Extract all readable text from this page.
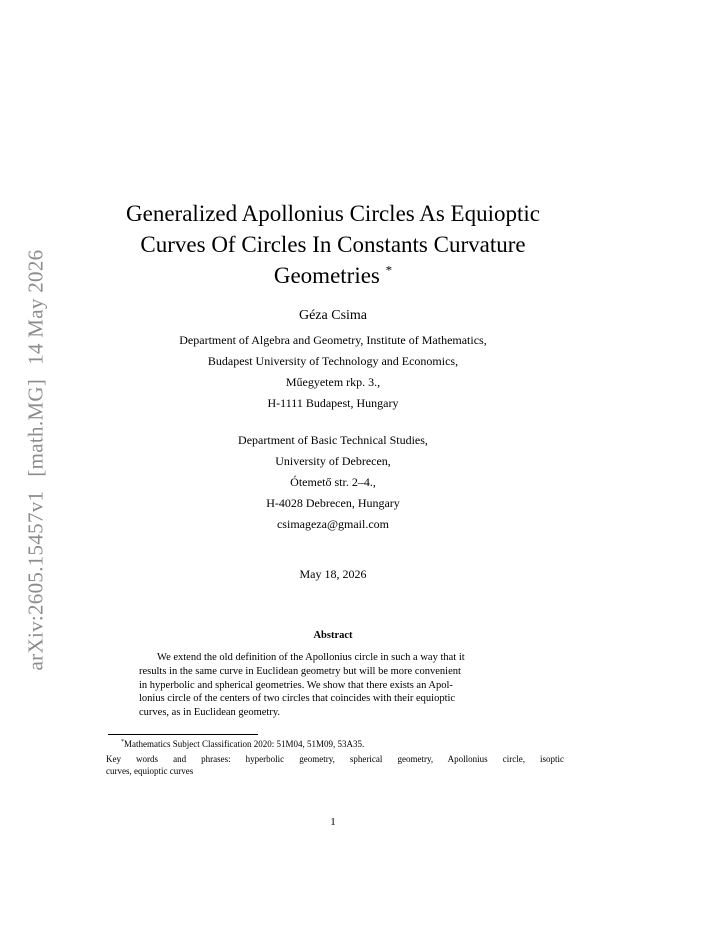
arXiv:2605.15457v1[math.MG]14 May 2026
Generalized Apollonius Circles As Equioptic
Curves Of Circles In Constants Curvature
Geometries *
Géza Csima
Department of Algebra and Geometry, Institute of Mathematics,
Budapest University of Technology and Economics,
Műegyetem rkp. 3.,
H-1111 Budapest, Hungary
Department of Basic Technical Studies,
University of Debrecen,
Ótemető str. 2–4.,
H-4028 Debrecen, Hungary
csimageza@gmail.com
May 18, 2026
Abstract
We extend the old definition of the Apollonius circle in such a way that it
results in the same curve in Euclidean geometry but will be more convenient
in hyperbolic and spherical geometries. We show that there exists an Apol-
lonius circle of the centers of two circles that coincides with their equioptic
curves, as in Euclidean geometry.
*Mathematics Subject Classification 2020: 51M04, 51M09, 53A35.
Key words and phrases: hyperbolic geometry, spherical geometry, Apollonius circle, isoptic
curves, equioptic curves
1
